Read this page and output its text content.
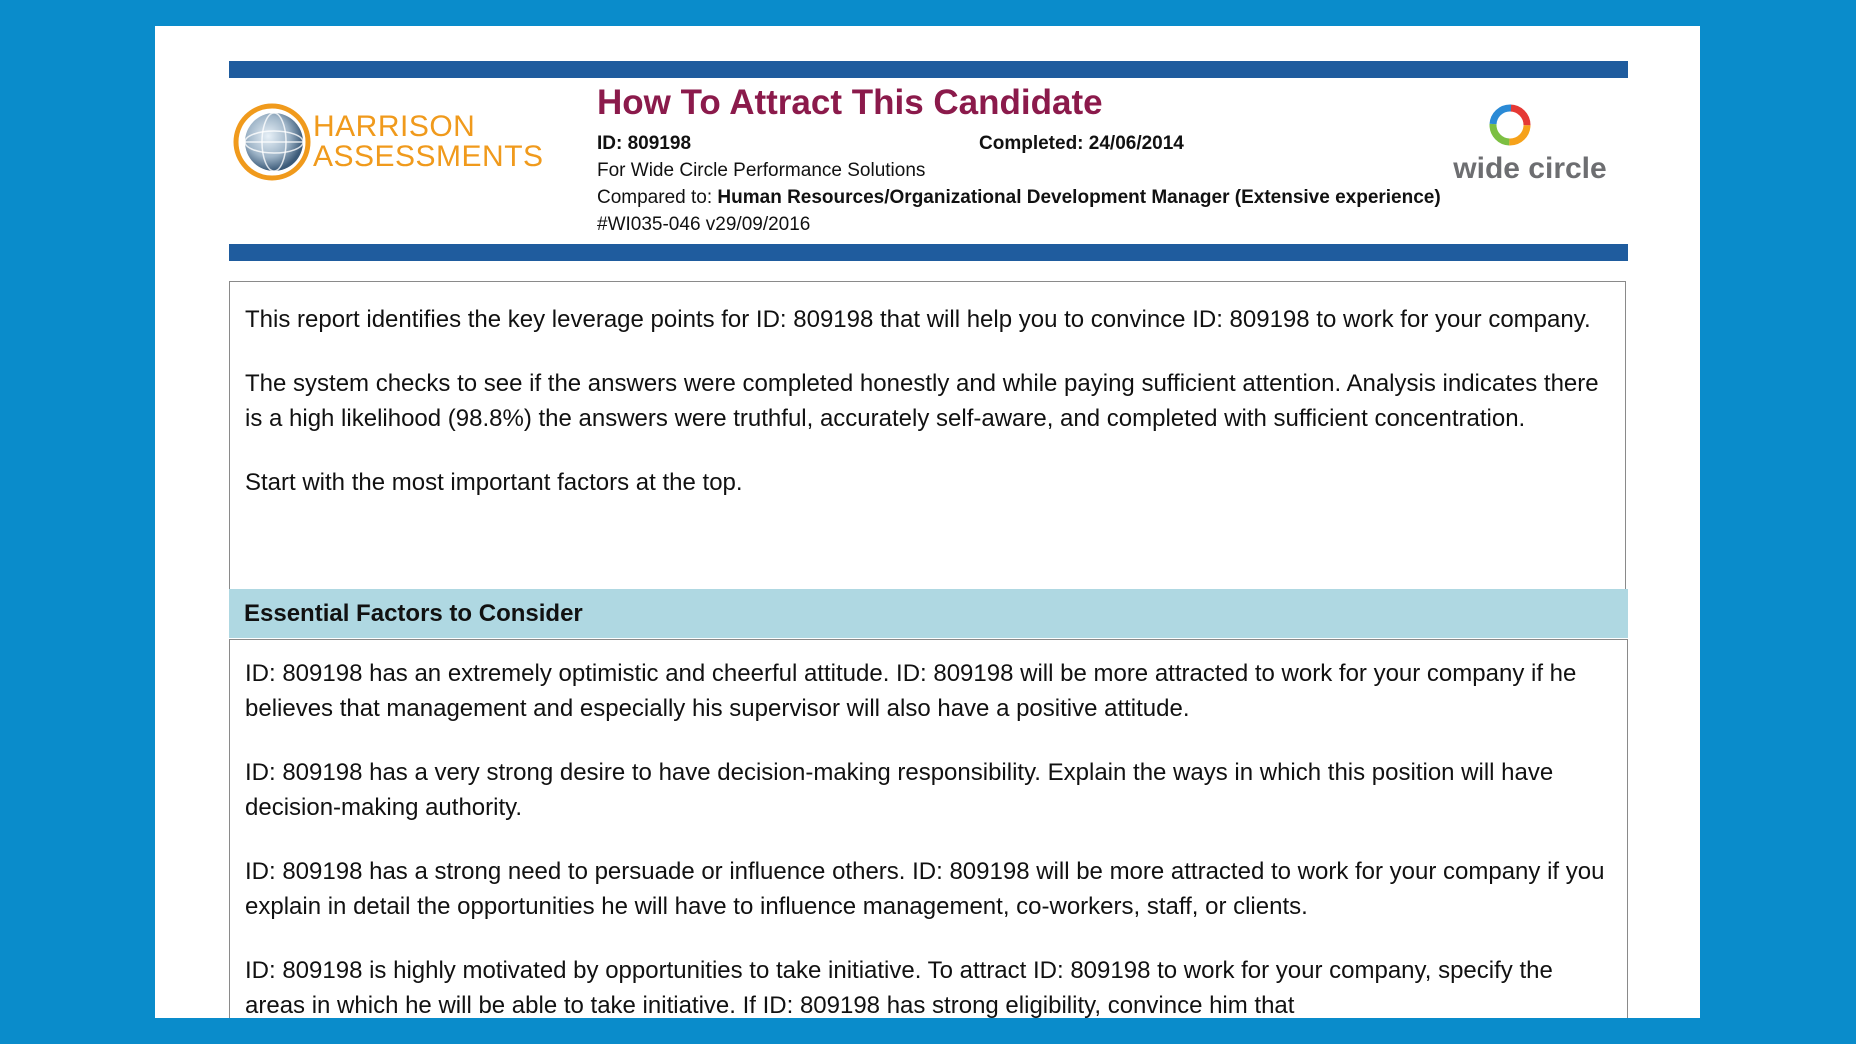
HARRISON
ASSESSMENTS
How To Attract This Candidate
ID: 809198	Completed: 24/06/2014
For Wide Circle Performance Solutions
Compared to: Human Resources/Organizational Development Manager (Extensive experience) #WI035-046 v29/09/2016
wide circle

This report identifies the key leverage points for ID: 809198 that will help you to convince ID: 809198 to work for your company.

The system checks to see if the answers were completed honestly and while paying sufficient attention. Analysis indicates there is a high likelihood (98.8%) the answers were truthful, accurately self-aware, and completed with sufficient concentration.

Start with the most important factors at the top.

Essential Factors to Consider

ID: 809198 has an extremely optimistic and cheerful attitude. ID: 809198 will be more attracted to work for your company if he believes that management and especially his supervisor will also have a positive attitude.

ID: 809198 has a very strong desire to have decision-making responsibility. Explain the ways in which this position will have decision-making authority.

ID: 809198 has a strong need to persuade or influence others. ID: 809198 will be more attracted to work for your company if you explain in detail the opportunities he will have to influence management, co-workers, staff, or clients.

ID: 809198 is highly motivated by opportunities to take initiative. To attract ID: 809198 to work for your company, specify the areas in which he will be able to take initiative. If ID: 809198 has strong eligibility, convince him that
